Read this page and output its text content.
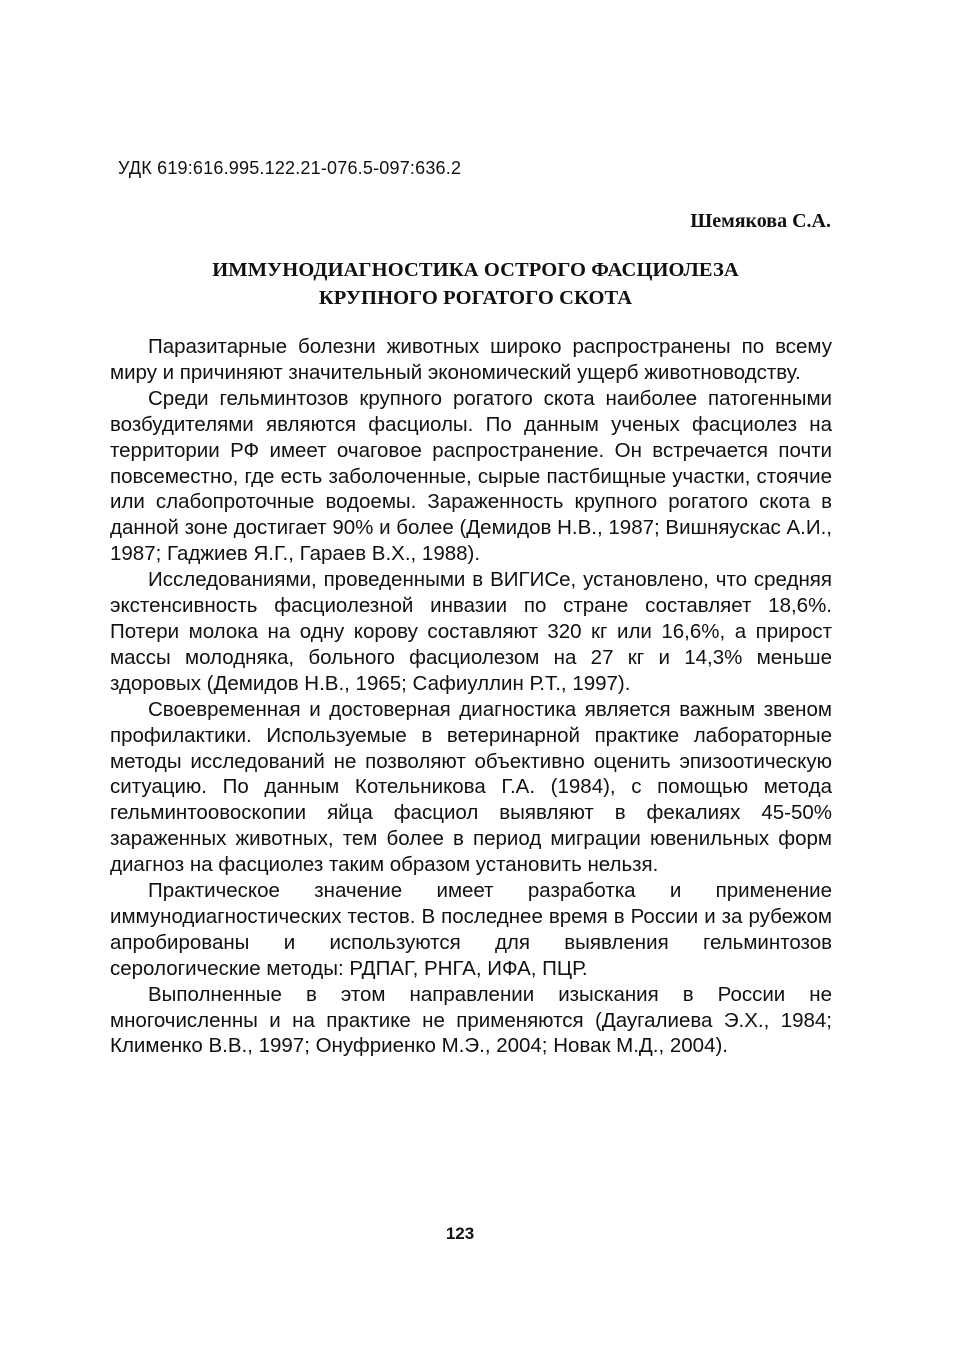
УДК 619:616.995.122.21-076.5-097:636.2
Шемякова С.А.
ИММУНОДИАГНОСТИКА ОСТРОГО ФАСЦИОЛЕЗА
КРУПНОГО РОГАТОГО СКОТА

Паразитарные болезни животных широко распространены по всему миру и причиняют значительный экономический ущерб животноводству.

Среди гельминтозов крупного рогатого скота наиболее патогенными возбудителями являются фасциолы. По данным ученых фасциолез на территории РФ имеет очаговое распространение. Он встречается почти повсеместно, где есть заболоченные, сырые пастбищные участки, стоячие или слабопроточные водоемы. Зараженность крупного рогатого скота в данной зоне достигает 90% и более (Демидов Н.В., 1987; Вишняускас А.И., 1987; Гаджиев Я.Г., Гараев В.Х., 1988).

Исследованиями, проведенными в ВИГИСе, установлено, что средняя экстенсивность фасциолезной инвазии по стране составляет 18,6%. Потери молока на одну корову составляют 320 кг или 16,6%, а прирост массы молодняка, больного фасциолезом на 27 кг и 14,3% меньше здоровых (Демидов Н.В., 1965; Сафиуллин Р.Т., 1997).

Своевременная и достоверная диагностика является важным звеном профилактики. Используемые в ветеринарной практике лабораторные методы исследований не позволяют объективно оценить эпизоотическую ситуацию. По данным Котельникова Г.А. (1984), с помощью метода гельминтоовоскопии яйца фасциол выявляют в фекалиях 45-50% зараженных животных, тем более в период миграции ювенильных форм диагноз на фасциолез таким образом установить нельзя.

Практическое значение имеет разработка и применение иммунодиагностических тестов. В последнее время в России и за рубежом апробированы и используются для выявления гельминтозов серологические методы: РДПАГ, РНГА, ИФА, ПЦР.

Выполненные в этом направлении изыскания в России не многочисленны и на практике не применяются (Даугалиева Э.Х., 1984; Клименко В.В., 1997; Онуфриенко М.Э., 2004; Новак М.Д., 2004).

123
